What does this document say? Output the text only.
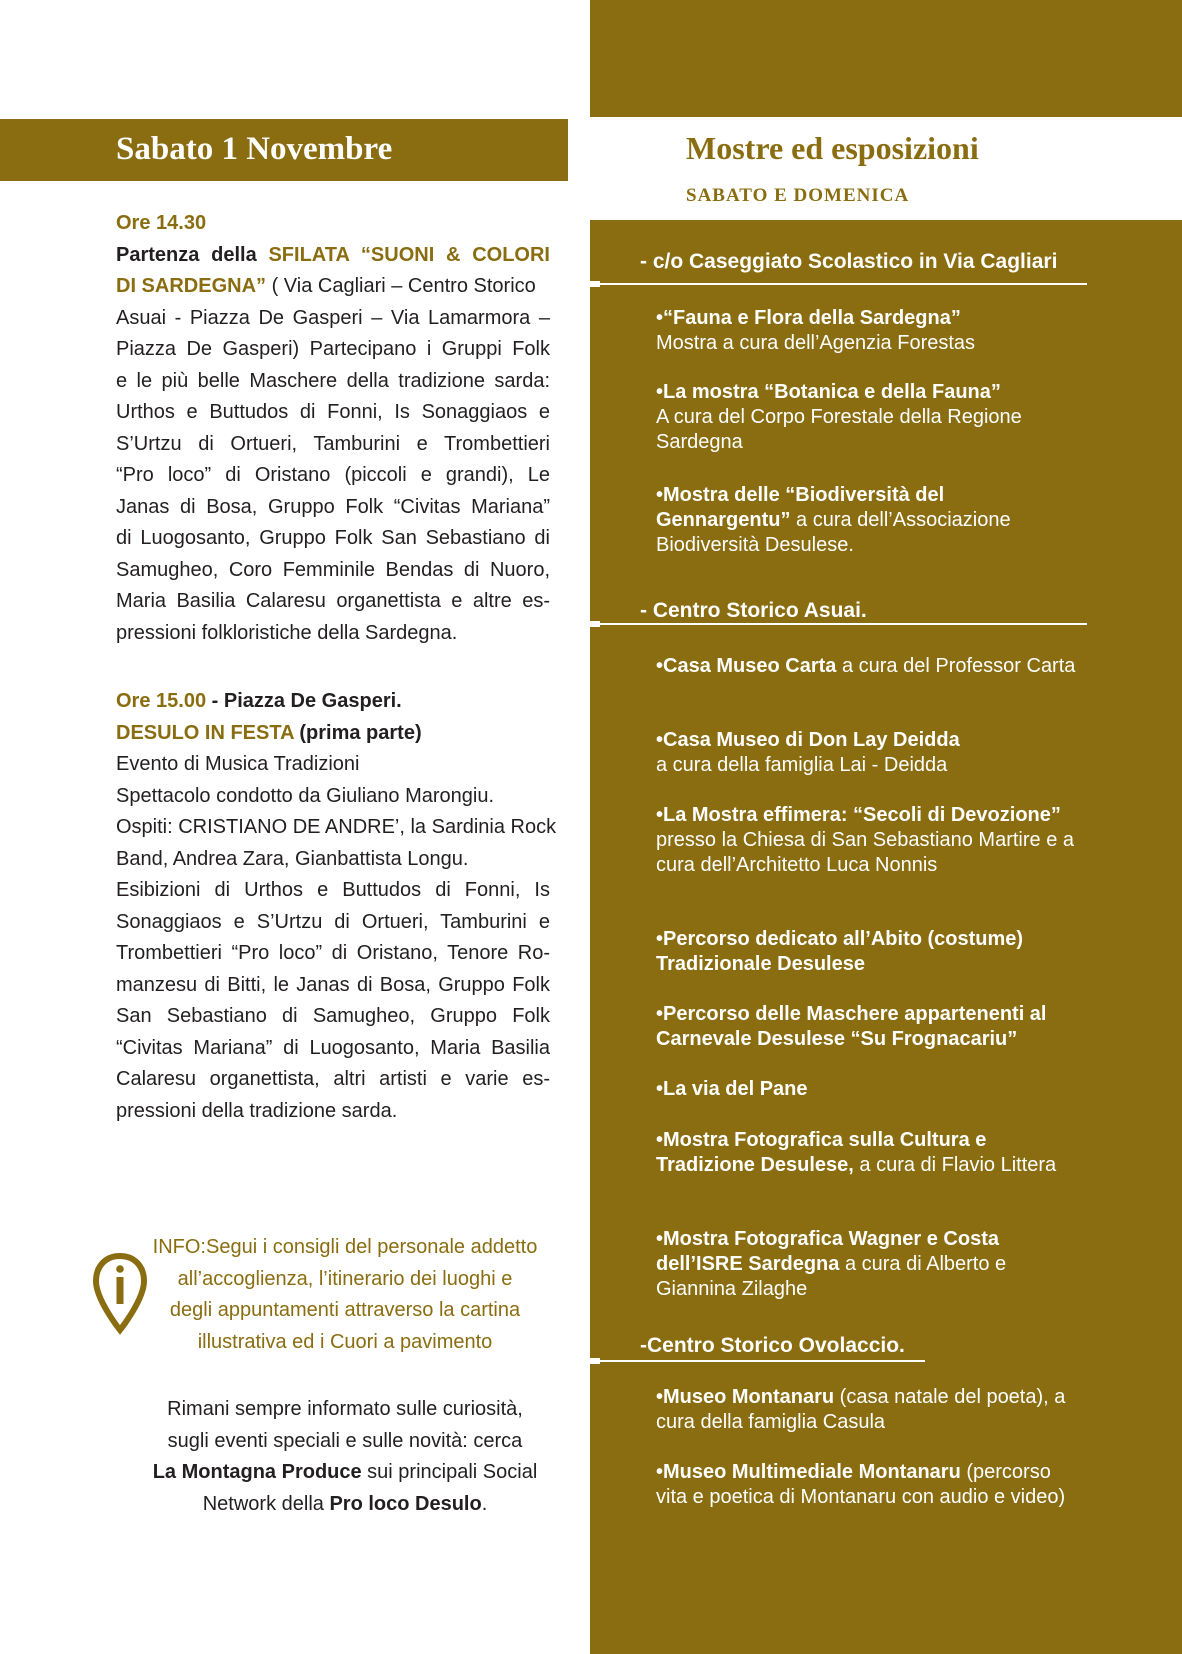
Sabato 1 Novembre	Mostre ed esposizioni
SABATO E DOMENICA
Ore 14.30
Partenza della SFILATA “SUONI & COLORI
DI SARDEGNA” ( Via Cagliari – Centro Storico
Asuai - Piazza De Gasperi – Via Lamarmora –
Piazza De Gasperi) Partecipano i Gruppi Folk
e le più belle Maschere della tradizione sarda:
Urthos e Buttudos di Fonni, Is Sonaggiaos e
S’Urtzu di Ortueri, Tamburini e Trombettieri
“Pro loco” di Oristano (piccoli e grandi), Le
Janas di Bosa, Gruppo Folk “Civitas Mariana”
di Luogosanto, Gruppo Folk San Sebastiano di
Samugheo, Coro Femminile Bendas di Nuoro,
Maria Basilia Calaresu organettista e altre es-
pressioni folkloristiche della Sardegna.
Ore 15.00 - Piazza De Gasperi.
DESULO IN FESTA (prima parte)
Evento di Musica Tradizioni
Spettacolo condotto da Giuliano Marongiu.
Ospiti: CRISTIANO DE ANDRE’, la Sardinia Rock
Band, Andrea Zara, Gianbattista Longu.
Esibizioni di Urthos e Buttudos di Fonni, Is
Sonaggiaos e S’Urtzu di Ortueri, Tamburini e
Trombettieri “Pro loco” di Oristano, Tenore Ro-
manzesu di Bitti, le Janas di Bosa, Gruppo Folk
San Sebastiano di Samugheo, Gruppo Folk
“Civitas Mariana” di Luogosanto, Maria Basilia
Calaresu organettista, altri artisti e varie es-
pressioni della tradizione sarda.
INFO:Segui i consigli del personale addetto
all’accoglienza, l’itinerario dei luoghi e
degli appuntamenti attraverso la cartina
illustrativa ed i Cuori a pavimento
Rimani sempre informato sulle curiosità,
sugli eventi speciali e sulle novità: cerca
La Montagna Produce sui principali Social
Network della Pro loco Desulo.
- c/o Caseggiato Scolastico in Via Cagliari
•“Fauna e Flora della Sardegna”
Mostra a cura dell’Agenzia Forestas
•La mostra “Botanica e della Fauna”
A cura del Corpo Forestale della Regione Sardegna
•Mostra delle “Biodiversità del Gennargentu” a cura dell’Associazione Biodiversità Desulese.
- Centro Storico Asuai.
•Casa Museo Carta a cura del Professor Carta
•Casa Museo di Don Lay Deidda
a cura della famiglia Lai - Deidda
•La Mostra effimera: “Secoli di Devozione” presso la Chiesa di San Sebastiano Martire e a cura dell’Architetto Luca Nonnis
•Percorso dedicato all’Abito (costume) Tradizionale Desulese
•Percorso delle Maschere appartenenti al Carnevale Desulese “Su Frognacariu”
•La via del Pane
•Mostra Fotografica sulla Cultura e Tradizione Desulese, a cura di Flavio Littera
•Mostra Fotografica Wagner e Costa dell’ISRE Sardegna a cura di Alberto e Giannina Zilaghe
-Centro Storico Ovolaccio.
•Museo Montanaru (casa natale del poeta), a cura della famiglia Casula
•Museo Multimediale Montanaru (percorso vita e poetica di Montanaru con audio e video)
